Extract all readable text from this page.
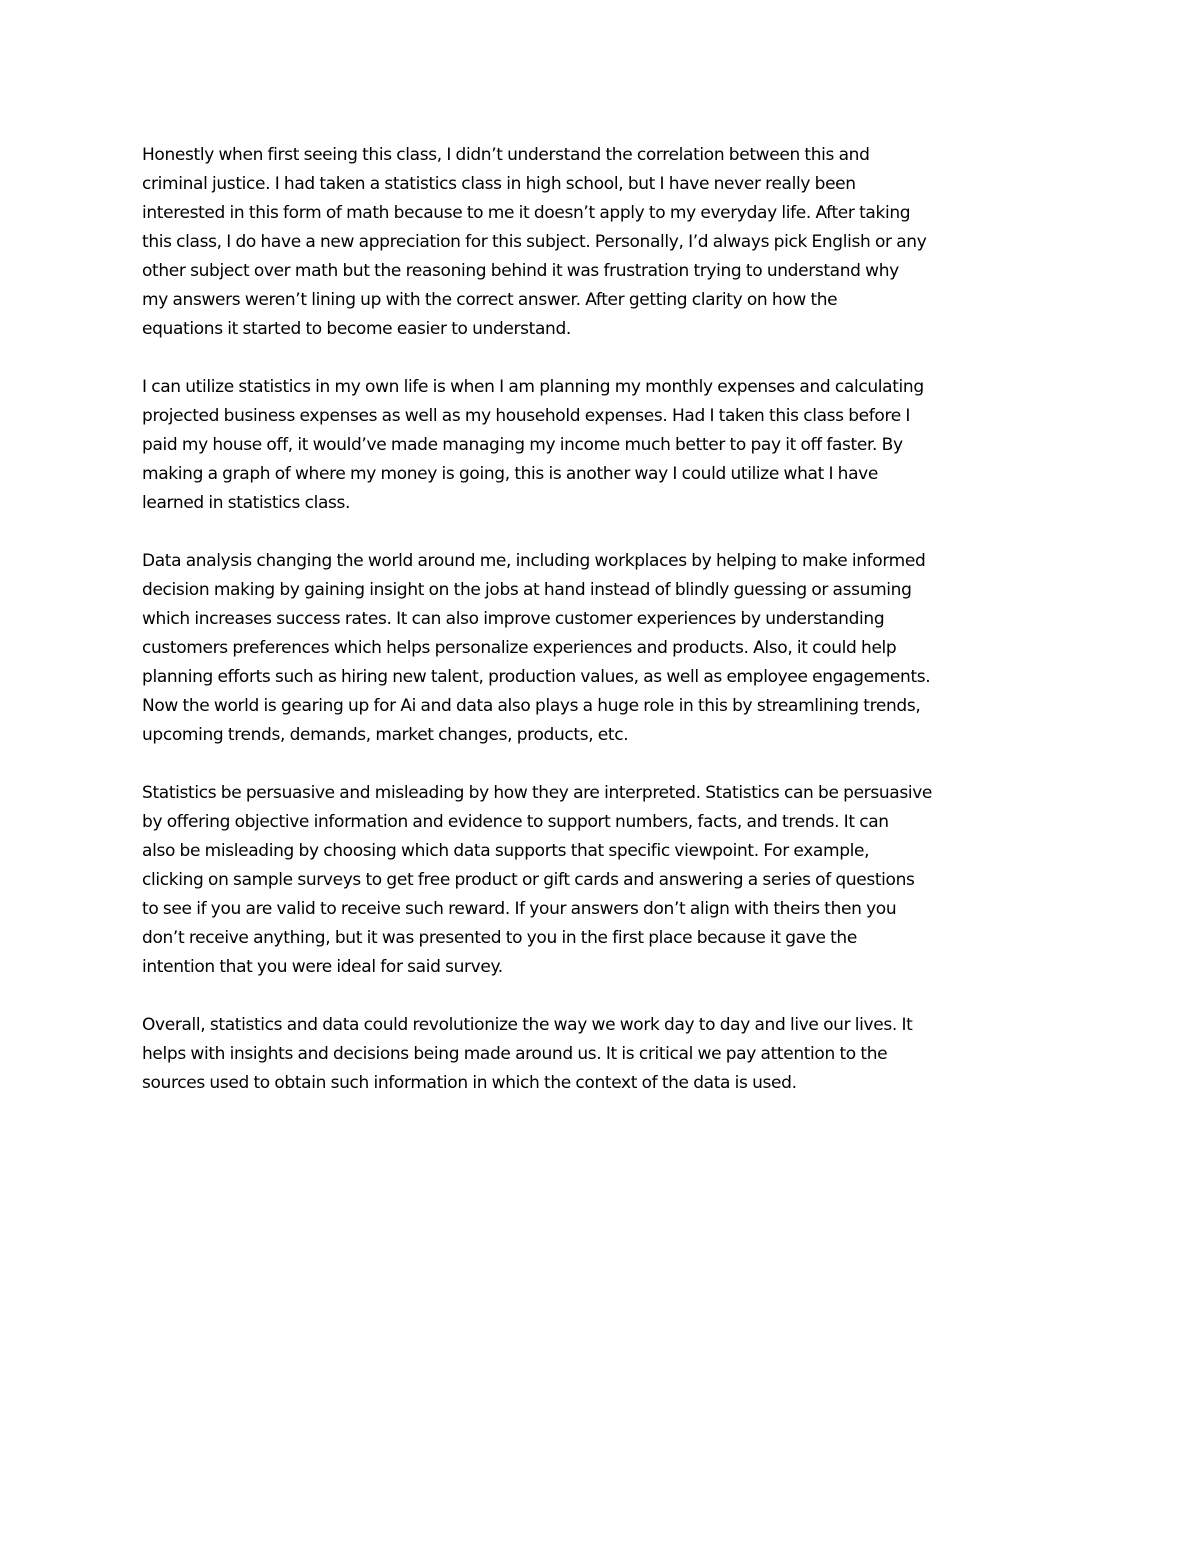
Honestly when first seeing this class, I didn’t understand the correlation between this and
criminal justice. I had taken a statistics class in high school, but I have never really been
interested in this form of math because to me it doesn’t apply to my everyday life. After taking
this class, I do have a new appreciation for this subject. Personally, I’d always pick English or any
other subject over math but the reasoning behind it was frustration trying to understand why
my answers weren’t lining up with the correct answer. After getting clarity on how the
equations it started to become easier to understand.

I can utilize statistics in my own life is when I am planning my monthly expenses and calculating
projected business expenses as well as my household expenses. Had I taken this class before I
paid my house off, it would’ve made managing my income much better to pay it off faster. By
making a graph of where my money is going, this is another way I could utilize what I have
learned in statistics class.

Data analysis changing the world around me, including workplaces by helping to make informed
decision making by gaining insight on the jobs at hand instead of blindly guessing or assuming
which increases success rates. It can also improve customer experiences by understanding
customers preferences which helps personalize experiences and products. Also, it could help
planning efforts such as hiring new talent, production values, as well as employee engagements.
Now the world is gearing up for Ai and data also plays a huge role in this by streamlining trends,
upcoming trends, demands, market changes, products, etc.

Statistics be persuasive and misleading by how they are interpreted. Statistics can be persuasive
by offering objective information and evidence to support numbers, facts, and trends. It can
also be misleading by choosing which data supports that specific viewpoint. For example,
clicking on sample surveys to get free product or gift cards and answering a series of questions
to see if you are valid to receive such reward. If your answers don’t align with theirs then you
don’t receive anything, but it was presented to you in the first place because it gave the
intention that you were ideal for said survey.

Overall, statistics and data could revolutionize the way we work day to day and live our lives. It
helps with insights and decisions being made around us. It is critical we pay attention to the
sources used to obtain such information in which the context of the data is used.
